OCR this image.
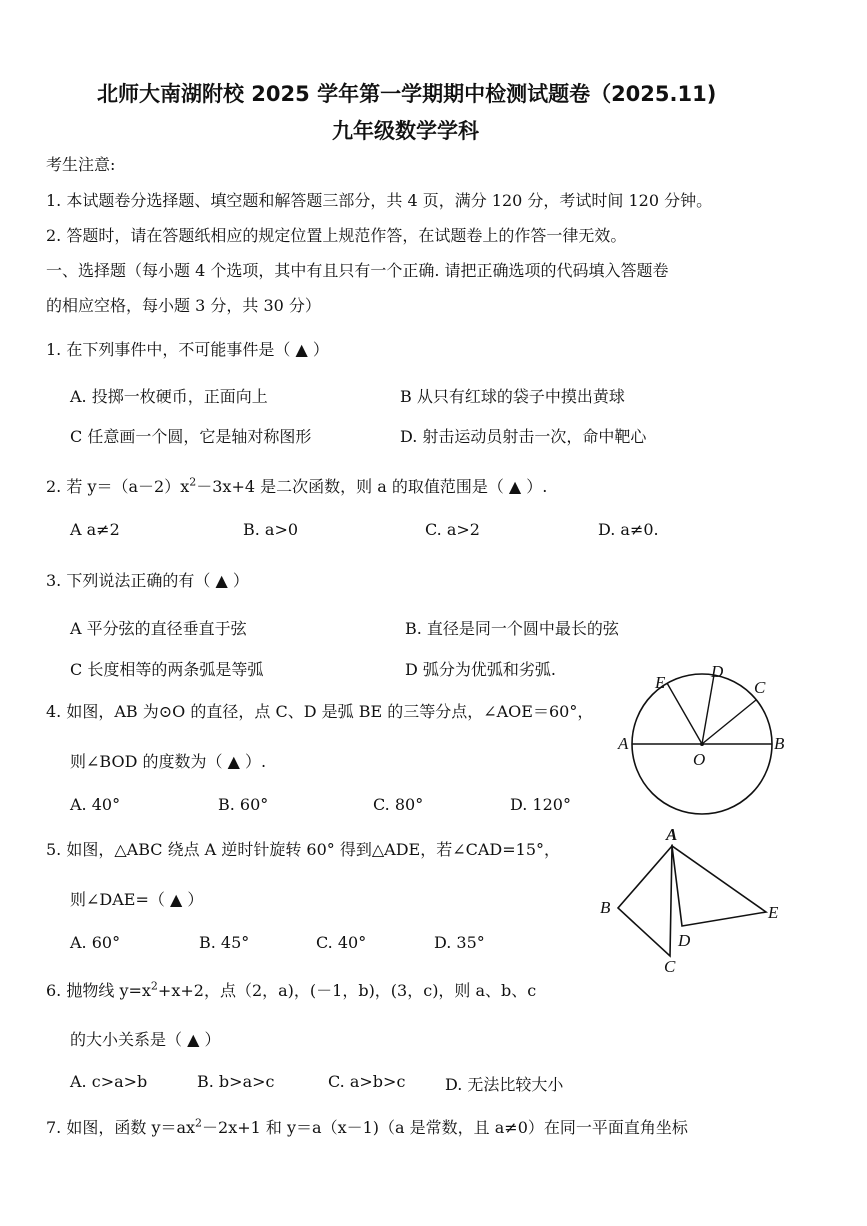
北师大南湖附校 2025 学年第一学期期中检测试题卷（2025.11)
九年级数学学科
考生注意:
1. 本试题卷分选择题、填空题和解答题三部分，共 4 页，满分 120 分，考试时间 120 分钟。
2. 答题时，请在答题纸相应的规定位置上规范作答，在试题卷上的作答一律无效。
一、选择题（每小题 4 个选项，其中有且只有一个正确. 请把正确选项的代码填入答题卷
的相应空格，每小题 3 分，共 30 分）
1. 在下列事件中，不可能事件是（ ▲ ）
A. 投掷一枚硬币，正面向上	B 从只有红球的袋子中摸出黄球
C 任意画一个圆，它是轴对称图形	D. 射击运动员射击一次，命中靶心
2. 若 $y=(a-2)x^2-3x+4$ 是二次函数，则 a 的取值范围是（ ▲ ）.
A a≠2	B. a>0	C. a>2	D. a≠0.
3. 下列说法正确的有（ ▲ ）
A 平分弦的直径垂直于弦	B. 直径是同一个圆中最长的弦
C 长度相等的两条弧是等弧	D 弧分为优弧和劣弧.
4. 如图，AB 为⊙O 的直径，点 C、D 是弧 BE 的三等分点，∠AOE＝60°，
则∠BOD 的度数为（ ▲ ）.
A. 40°	B. 60°	C. 80°	D. 120°
A	B
C
D
E
O
5. 如图，△ABC 绕点 A 逆时针旋转 60° 得到△ADE，若∠CAD=15°，
则∠DAE=（ ▲ ）
A. 60°	B. 45°	C. 40°	D. 35°
A
B
C
D
E
6. 抛物线 $y=x^2+x+2$，点（2，a)，(－1，b)，(3，c)，则 a、b、c
的大小关系是（ ▲ ）
A. c>a>b	B. b>a>c	C. a>b>c D. 无法比较大小
7. 如图，函数 $y=ax^2-2x+1$ 和 y＝a（x－1)（a 是常数，且 a≠0）在同一平面直角坐标
